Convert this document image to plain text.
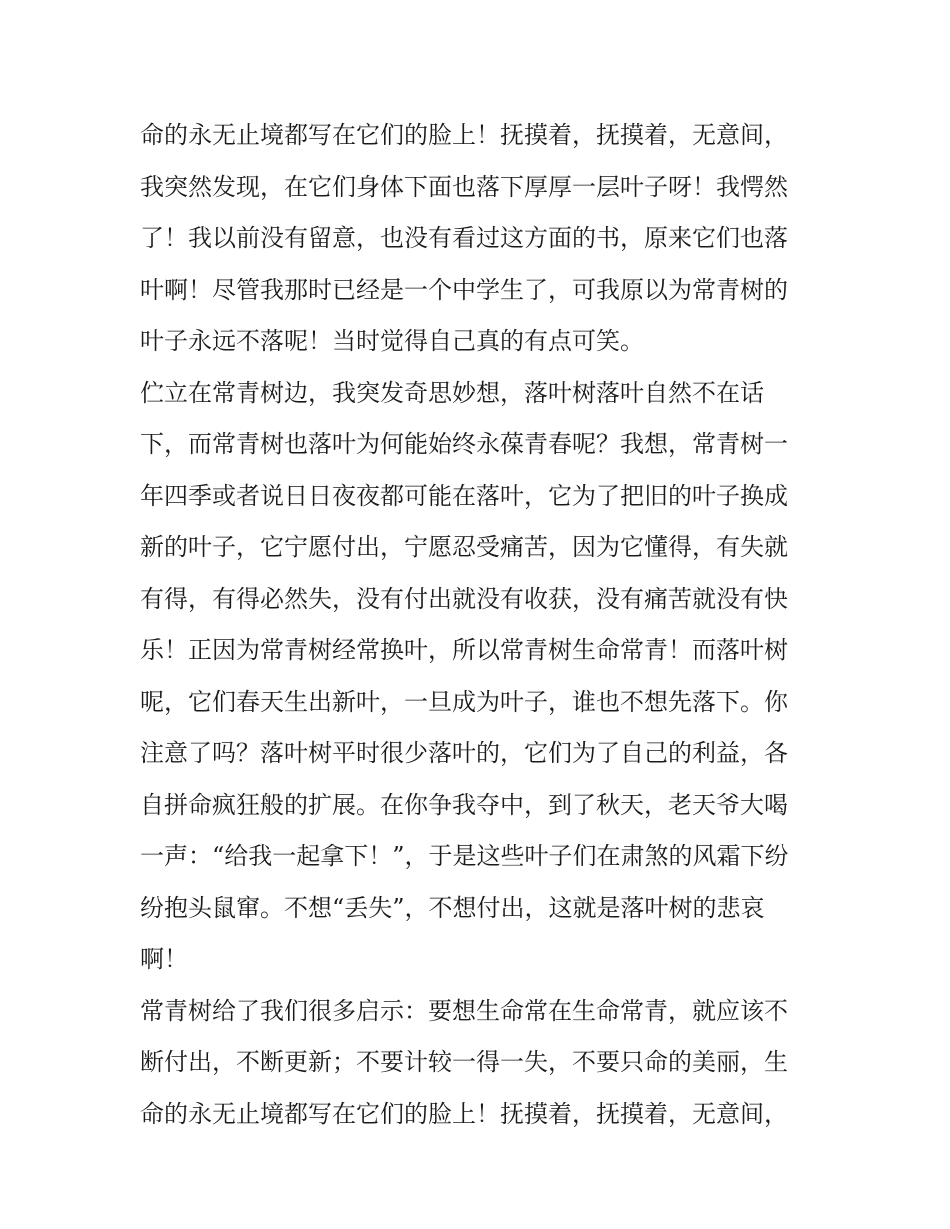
命的永无止境都写在它们的脸上！抚摸着，抚摸着，无意间，
我突然发现，在它们身体下面也落下厚厚一层叶子呀！我愕然
了！我以前没有留意，也没有看过这方面的书，原来它们也落
叶啊！尽管我那时已经是一个中学生了，可我原以为常青树的
叶子永远不落呢！当时觉得自己真的有点可笑。
伫立在常青树边，我突发奇思妙想，落叶树落叶自然不在话
下，而常青树也落叶为何能始终永葆青春呢？我想，常青树一
年四季或者说日日夜夜都可能在落叶，它为了把旧的叶子换成
新的叶子，它宁愿付出，宁愿忍受痛苦，因为它懂得，有失就
有得，有得必然失，没有付出就没有收获，没有痛苦就没有快
乐！正因为常青树经常换叶，所以常青树生命常青！而落叶树
呢，它们春天生出新叶，一旦成为叶子，谁也不想先落下。你
注意了吗？落叶树平时很少落叶的，它们为了自己的利益，各
自拼命疯狂般的扩展。在你争我夺中，到了秋天，老天爷大喝
一声：“给我一起拿下！”，于是这些叶子们在肃煞的风霜下纷
纷抱头鼠窜。不想“丢失”，不想付出，这就是落叶树的悲哀
啊！
常青树给了我们很多启示：要想生命常在生命常青，就应该不
断付出，不断更新；不要计较一得一失，不要只命的美丽，生
命的永无止境都写在它们的脸上！抚摸着，抚摸着，无意间，
